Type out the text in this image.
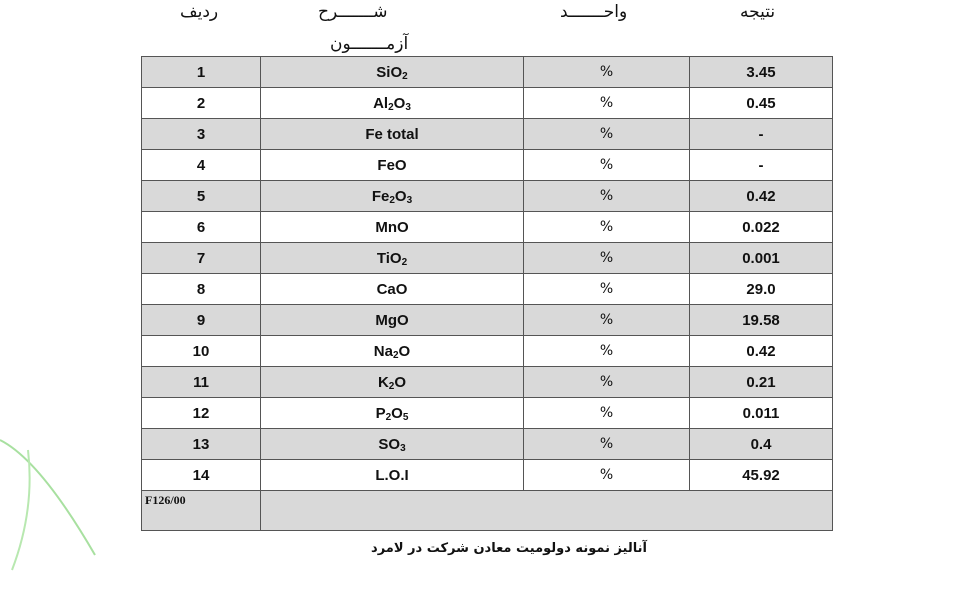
ردیف	شـــــــرح
آزمـــــــون
واحـــــــد	نتیجه
1	SiO$_2$	%	3.45
2	$Al_2O_3$	%	0.45
3	Fe total	%	-
4	FeO	%	-
5	$Fe_2O_3$	%	0.42
6	MnO	%	0.022
7	TiO$_2$	%	0.001
8	CaO	%	29.0
9	MgO	%	19.58
10	$Na_2O$	%	0.42
11	$K_2O$	%	0.21
12	$P_2O_5$	%	0.011
13	$SO_3$	%	0.4
14	L.O.I	%	45.92
F126/00			
آنالیز نمونه دولومیت معادن شرکت در لامرد
